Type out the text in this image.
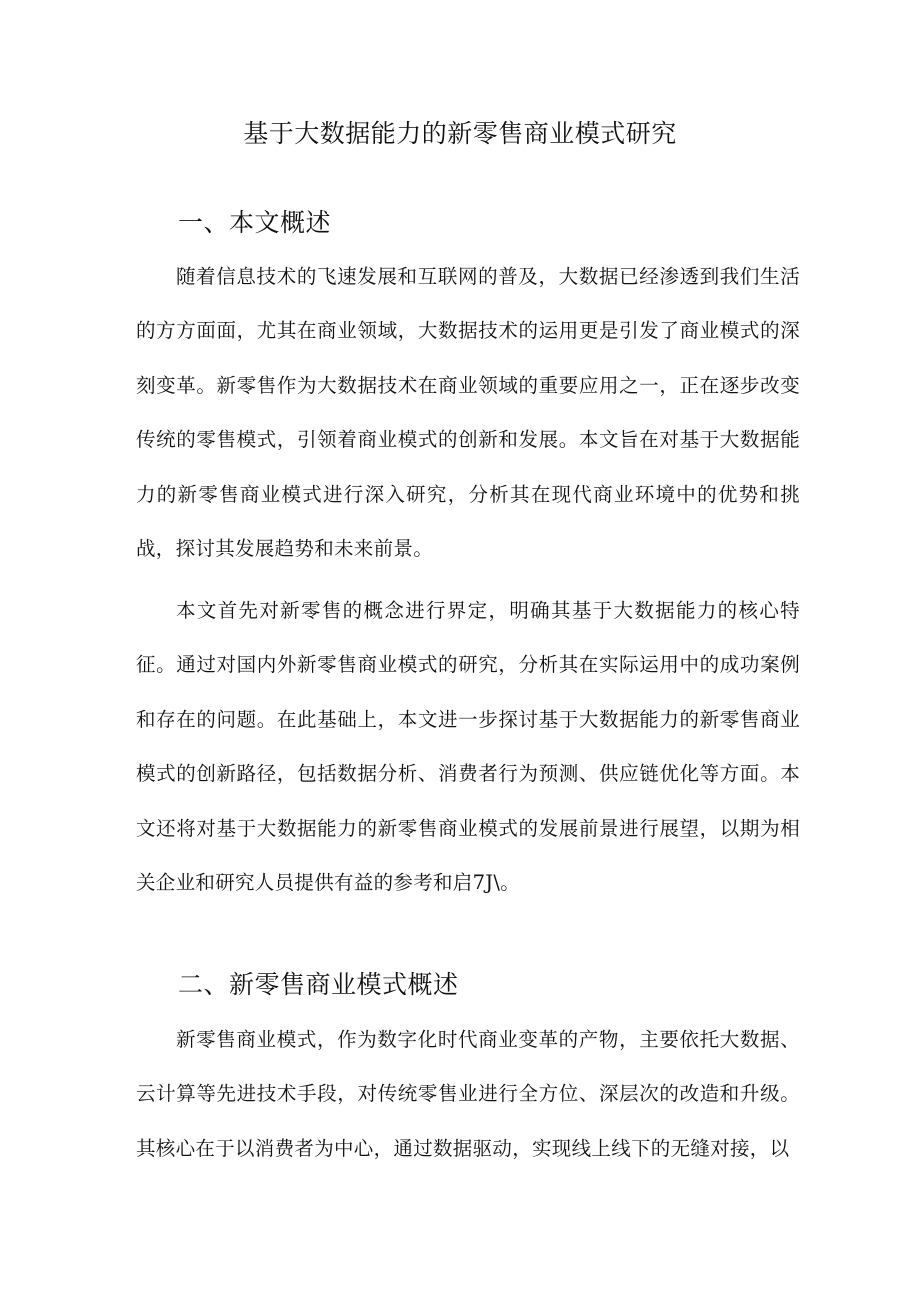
基于大数据能力的新零售商业模式研究
一、本文概述

随着信息技术的飞速发展和互联网的普及，大数据已经渗透到我们生活的方方面面，尤其在商业领域，大数据技术的运用更是引发了商业模式的深刻变革。新零售作为大数据技术在商业领域的重要应用之一，正在逐步改变传统的零售模式，引领着商业模式的创新和发展。本文旨在对基于大数据能力的新零售商业模式进行深入研究，分析其在现代商业环境中的优势和挑战，探讨其发展趋势和未来前景。

本文首先对新零售的概念进行界定，明确其基于大数据能力的核心特征。通过对国内外新零售商业模式的研究，分析其在实际运用中的成功案例和存在的问题。在此基础上，本文进一步探讨基于大数据能力的新零售商业模式的创新路径，包括数据分析、消费者行为预测、供应链优化等方面。本文还将对基于大数据能力的新零售商业模式的发展前景进行展望，以期为相关企业和研究人员提供有益的参考和启7J\。

二、新零售商业模式概述

新零售商业模式，作为数字化时代商业变革的产物，主要依托大数据、云计算等先进技术手段，对传统零售业进行全方位、深层次的改造和升级。其核心在于以消费者为中心，通过数据驱动，实现线上线下的无缝对接，以
